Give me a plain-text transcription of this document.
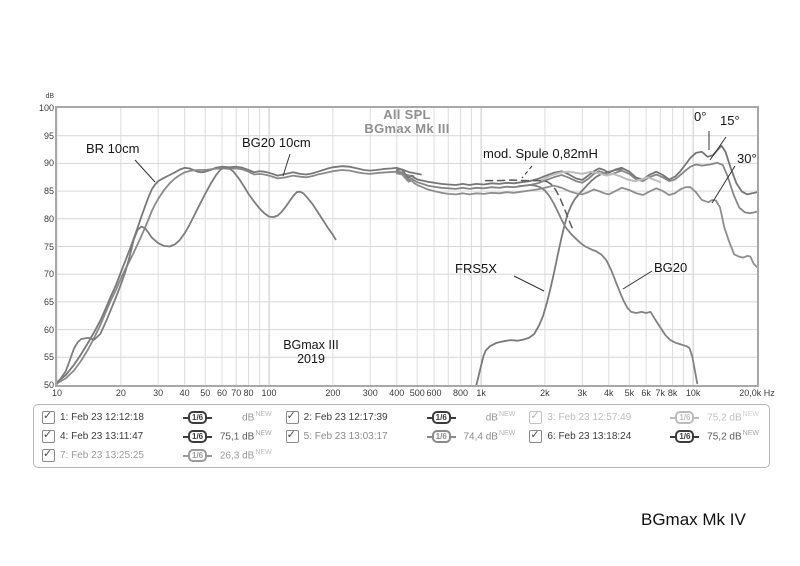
dB
100
95
90
85
80
75
70
65
60
55
50
10	20	30 40 50 60 70 80 100	200 300 400 500 600 800 1k	2k	3k 4k 5k 6k 7k 8k 10k	20,0k Hz
All SPL
BGmax Mk III
BR 10cm	BG20 10cm
mod. Spule 0,82mH
0° 15°
30°
FRS5X	BG20
BGmax III
2019
✓
1: Feb 23 12:12:18	1/6	$dB^{NEW}$ ✓	2: Feb 23 12:17:39	1/6	$dB^{NEW}$ ✓	3: Feb 23 12:57:49	1/6	75,2 $dB^{NEW}$
✓
4: Feb 23 13:11:47	1/6	75,1 $dB^{NEW}$ ✓	5: Feb 23 13:03:17	1/6	74,4 $dB^{NEW}$ ✓	6: Feb 23 13:18:24	1/6	75,2 $dB^{NEW}$
✓
7: Feb 23 13:25:25	1/6	26,3 $dB^{NEW}$
BGmax Mk IV
